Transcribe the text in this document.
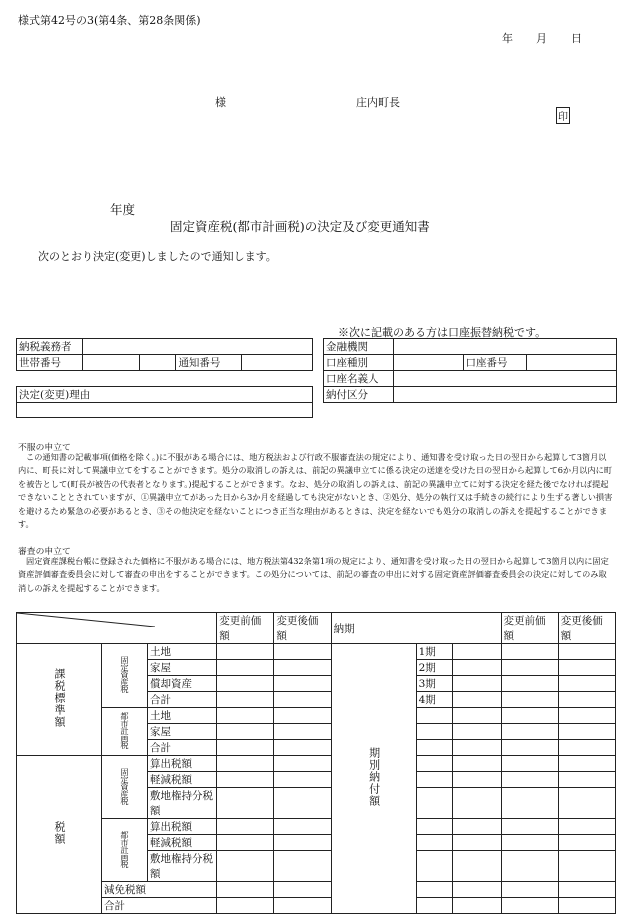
様式第42号の3(第4条、第28条関係)
年 月 日
様	庄内町長
印
年度
固定資産税(都市計画税)の決定及び変更通知書
次のとおり決定(変更)しましたので通知します。
※次に記載のある方は口座振替納税です。
納税義務者				
世帯番号			通知番号	
決定(変更)理由

金融機関			
口座種別		口座番号	
口座名義人			
納付区分			
不服の申立て
この通知書の記載事項(価格を除く。)に不服がある場合には、地方税法および行政不服審査法の規定により、通知書を受け取った日の翌日から起算して3箇月以内に、町長に対して異議申立てをすることができます。処分の取消しの訴えは、前記の異議申立てに係る決定の送達を受けた日の翌日から起算して6か月以内に町を被告として(町長が被告の代表者となります。)提起することができます。なお、処分の取消しの訴えは、前記の異議申立てに対する決定を経た後でなければ提起できないこととされていますが、①異議申立てがあった日から3か月を経過しても決定がないとき、②処分、処分の執行又は手続きの続行により生ずる著しい損害を避けるため緊急の必要があるとき、③その他決定を経ないことにつき正当な理由があるときは、決定を経ないでも処分の取消しの訴えを提起することができます。
審査の申立て
固定資産課税台帳に登録された価格に不服がある場合には、地方税法第432条第1項の規定により、通知書を受け取った日の翌日から起算して3箇月以内に固定資産評価審査委員会に対して審査の申出をすることができます。この処分については、前記の審査の申出に対する固定資産評価審査委員会の決定に対してのみ取消しの訴えを提起することができます。
	変更前価額	変更後価額	納期			変更前価額	変更後価額
課税標準額	固定資産税	土地			期別納付額	1期			
		家屋				2期			
		償却資産				3期			
		合計				4期			
	都市計画税	土地							
		家屋							
		合計							
税額	固定資産税	算出税額							
		軽減税額							
		敷地権持分税額							
	都市計画税	算出税額							
		軽減税額							
		敷地権持分税額							
	減免税額								
	合計								
